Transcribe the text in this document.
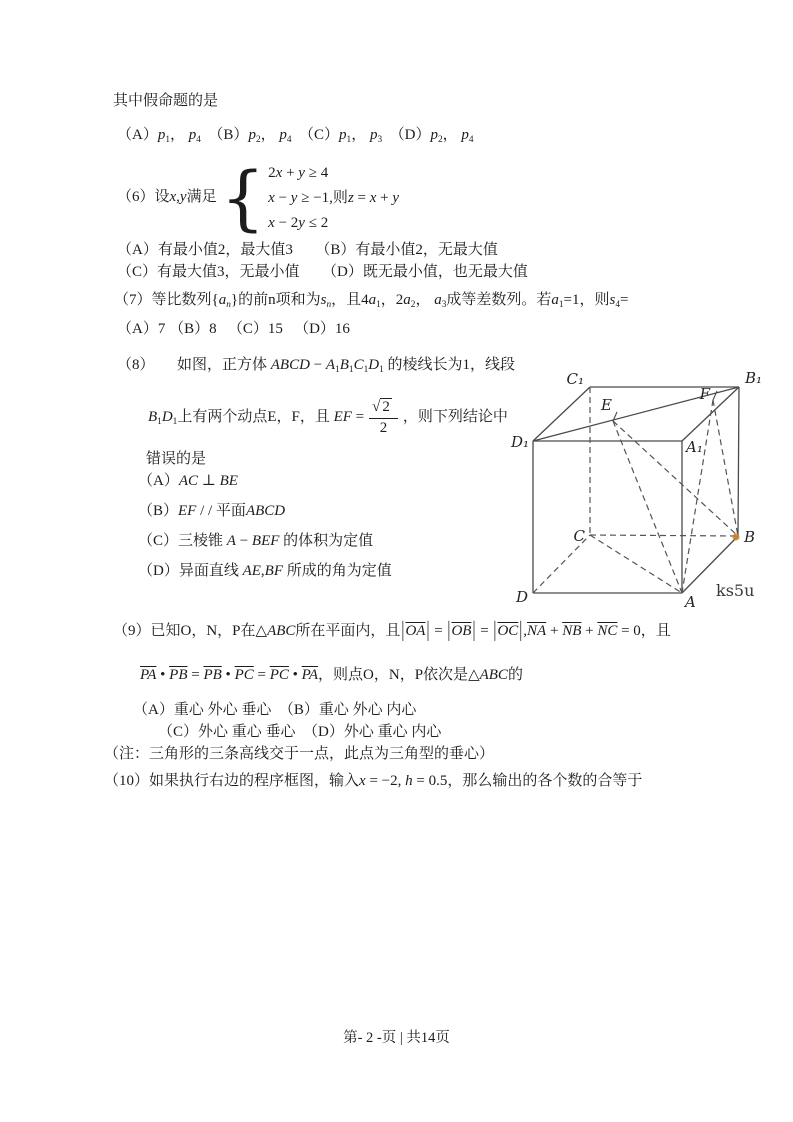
其中假命题的是
（A）p1， p4　（B）p2， p4　（C）p1， p3　（D）p2， p4
（6）设x,y满足 { 2x + y ≥ 4
x − y ≥ −1,则z = x + y
x − 2y ≤ 2
（A）有最小值2，最大值3　　（B）有最小值2，无最大值
（C）有最大值3，无最小值　　（D）既无最小值，也无最大值
（7）等比数列{an}的前n项和为sn，且4a1，2a2， a3成等差数列。若a1=1，则s4=
（A）7 （B）8 　（C）15 　（D）16
（8）　　如图，正方体 ABCD − A1B1C1D1 的棱线长为1，线段
B1D1上有两个动点E，F，且 EF = $\frac{√ 2}{2}$ ，则下列结论中
错误的是
（A）AC ⊥ BE
（B）EF / / 平面ABCD
（C）三棱锥 A − BEF 的体积为定值
（D）异面直线 AE,BF 所成的角为定值
D₁
C₁	B₁
A₁
E
F
C	B
D	A
ks5u
（9）已知O，N，P在△ABC所在平面内，且$|\overline{OA}| = |\overline{OB}| = |\overline{OC}|,\overline{NA} + \overline{NB} + \overline{NC} = 0$，且
$\overline{PA}$ • $\overline{PB} = \overline{PB}$ • $\overline{PC} = \overline{PC}$ • $\overline{PA}$，则点O，N，P依次是△ABC的
（A）重心 外心 垂心　（B）重心 外心 内心
（C）外心 重心 垂心　（D）外心 重心 内心
（注：三角形的三条高线交于一点，此点为三角型的垂心）
（10）如果执行右边的程序框图，输入x = −2, h = 0.5，那么输出的各个数的合等于
第- 2 -页 | 共14页
